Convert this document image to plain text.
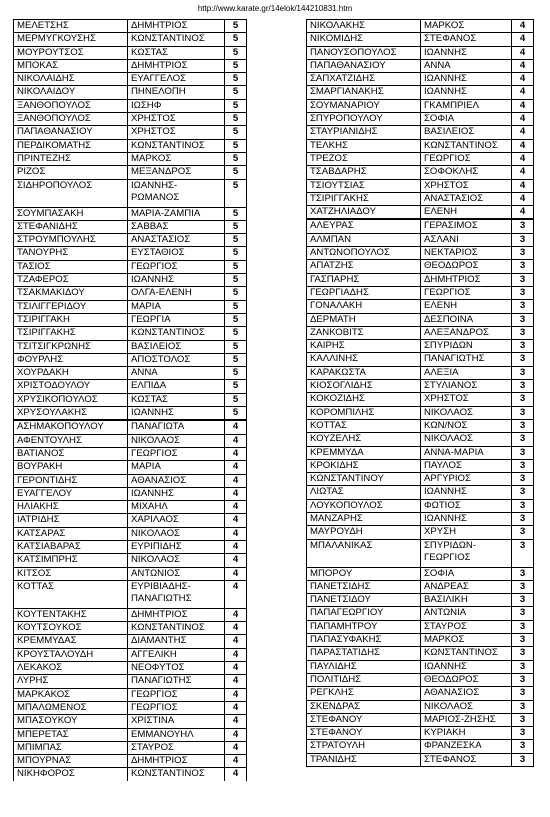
http://www.karate.gr/14elok/144210831.htm
ΜΕΛΕΤΣΗΣ	ΔΗΜΗΤΡΙΟΣ	5
ΜΕΡΜΥΓΚΟΥΣΗΣ	ΚΩΝΣΤΑΝΤΙΝΟΣ	5
ΜΟΥΡΟΥΤΣΟΣ	ΚΩΣΤΑΣ	5
ΜΠΟΚΑΣ	ΔΗΜΗΤΡΙΟΣ	5
ΝΙΚΟΛΑΙΔΗΣ	ΕΥΑΓΓΕΛΟΣ	5
ΝΙΚΟΛΑΙΔΟΥ	ΠΗΝΕΛΟΠΗ	5
ΞΑΝΘΟΠΟΥΛΟΣ	ΙΩΣΗΦ	5
ΞΑΝΘΟΠΟΥΛΟΣ	ΧΡΗΣΤΟΣ	5
ΠΑΠΑΘΑΝΑΣΙΟΥ	ΧΡΗΣΤΟΣ	5
ΠΕΡΔΙΚΟΜΑΤΗΣ	ΚΩΝΣΤΑΝΤΙΝΟΣ	5
ΠΡΙΝΤΕΖΗΣ	ΜΑΡΚΟΣ	5
ΡΙΖΟΣ	ΜΕΞΑΝΔΡΟΣ	5
ΣΙΔΗΡΟΠΟΥΛΟΣ	ΙΩΑΝΝΗΣ-ΡΩΜΑΝΟΣ	5
ΣΟΥΜΠΑΣΑΚΗ	ΜΑΡΙΑ-ΖΑΜΠΙΑ	5
ΣΤΕΦΑΝΙΔΗΣ	ΣΑΒΒΑΣ	5
ΣΤΡΟΥΜΠΟΥΛΗΣ	ΑΝΑΣΤΑΣΙΟΣ	5
ΤΑΝΟΥΡΗΣ	ΕΥΣΤΑΘΙΟΣ	5
ΤΑΣΙΟΣ	ΓΕΩΡΓΙΟΣ	5
ΤΖΑΦΕΡΟΣ	ΙΩΑΝΝΗΣ	5
ΤΣΑΚΜΑΚΙΔΟΥ	ΟΛΓΑ-ΕΛΕΝΗ	5
ΤΣΙΛΙΓΓΕΡΙΔΟΥ	ΜΑΡΙΑ	5
ΤΣΙΡΙΓΓΑΚΗ	ΓΕΩΡΓΙΑ	5
ΤΣΙΡΙΓΓΑΚΗΣ	ΚΩΝΣΤΑΝΤΙΝΟΣ	5
ΤΣΙΤΣΙΓΚΡΩΝΗΣ	ΒΑΣΙΛΕΙΟΣ	5
ΦΟΥΡΛΗΣ	ΑΠΟΣΤΟΛΟΣ	5
ΧΟΥΡΔΑΚΗ	ΑΝΝΑ	5
ΧΡΙΣΤΟΔΟΥΛΟΥ	ΕΛΠΙΔΑ	5
ΧΡΥΣΙΚΟΠΟΥΛΟΣ	ΚΩΣΤΑΣ	5
ΧΡΥΣΟΥΛΑΚΗΣ	ΙΩΑΝΝΗΣ	5
ΑΣΗΜΑΚΟΠΟΥΛΟΥ	ΠΑΝΑΓΙΩΤΑ	4
ΑΦΕΝΤΟΥΛΗΣ	ΝΙΚΟΛΑΟΣ	4
ΒΑΤΙΑΝΟΣ	ΓΕΩΡΓΙΟΣ	4
ΒΟΥΡΑΚΗ	ΜΑΡΙΑ	4
ΓΕΡΟΝΤΙΔΗΣ	ΑΘΑΝΑΣΙΟΣ	4
ΕΥΑΓΓΕΛΟΥ	ΙΩΑΝΝΗΣ	4
ΗΛΙΑΚΗΣ	ΜΙΧΑΗΛ	4
ΙΑΤΡΙΔΗΣ	ΧΑΡΙΛΑΟΣ	4
ΚΑΤΣΑΡΑΣ	ΝΙΚΟΛΑΟΣ	4
ΚΑΤΣΙΑΒΑΡΑΣ	ΕΥΡΙΠΙΔΗΣ	4
ΚΑΤΣΙΜΠΡΗΣ	ΝΙΚΟΛΑΟΣ	4
ΚΙΤΣΟΣ	ΑΝΤΩΝΙΟΣ	4
ΚΟΤΤΑΣ	ΕΥΡΙΒΙΑΔΗΣ-ΠΑΝΑΓΙΩΤΗΣ	4
ΚΟΥΤΕΝΤΑΚΗΣ	ΔΗΜΗΤΡΙΟΣ	4
ΚΟΥΤΣΟΥΚΟΣ	ΚΩΝΣΤΑΝΤΙΝΟΣ	4
ΚΡΕΜΜΥΔΑΣ	ΔΙΑΜΑΝΤΗΣ	4
ΚΡΟΥΣΤΑΛΟΥΔΗ	ΑΓΓΕΛΙΚΗ	4
ΛΕΚΑΚΟΣ	ΝΕΟΦΥΤΟΣ	4
ΛΥΡΗΣ	ΠΑΝΑΓΙΩΤΗΣ	4
ΜΑΡΚΑΚΟΣ	ΓΕΩΡΓΙΟΣ	4
ΜΠΑΛΩΜΕΝΟΣ	ΓΕΩΡΓΙΟΣ	4
ΜΠΑΣΟΥΚΟΥ	ΧΡΙΣΤΙΝΑ	4
ΜΠΕΡΕΤΑΣ	ΕΜΜΑΝΟΥΗΛ	4
ΜΠΙΜΠΑΣ	ΣΤΑΥΡΟΣ	4
ΜΠΟΥΡΝΑΣ	ΔΗΜΗΤΡΙΟΣ	4
ΝΙΚΗΦΟΡΟΣ	ΚΩΝΣΤΑΝΤΙΝΟΣ	4
ΝΙΚΟΛΑΚΗΣ	ΜΑΡΚΟΣ	4
ΝΙΚΟΜΙΔΗΣ	ΣΤΕΦΑΝΟΣ	4
ΠΑΝΟΥΣΟΠΟΥΛΟΣ	ΙΩΑΝΝΗΣ	4
ΠΑΠΑΘΑΝΑΣΙΟΥ	ΑΝΝΑ	4
ΣΑΠΧΑΤΖΙΔΗΣ	ΙΩΑΝΝΗΣ	4
ΣΜΑΡΓΙΑΝΑΚΗΣ	ΙΩΑΝΝΗΣ	4
ΣΟΥΜΑΝΑΡΙΟΥ	ΓΚΑΜΠΡΙΕΛ	4
ΣΠΥΡΟΠΟΥΛΟΥ	ΣΟΦΙΑ	4
ΣΤΑΥΡΙΑΝΙΔΗΣ	ΒΑΣΙΛΕΙΟΣ	4
ΤΕΛΚΗΣ	ΚΩΝΣΤΑΝΤΙΝΟΣ	4
ΤΡΕΖΟΣ	ΓΕΩΡΓΙΟΣ	4
ΤΣΑΒΔΑΡΗΣ	ΣΟΦΟΚΛΗΣ	4
ΤΣΙΟΥΤΣΙΑΣ	ΧΡΗΣΤΟΣ	4
ΤΣΙΡΙΓΓΑΚΗΣ	ΑΝΑΣΤΑΣΙΟΣ	4
ΧΑΤΖΗΛΙΑΔΟΥ	ΕΛΕΝΗ	4
ΑΛΕΥΡΑΣ	ΓΕΡΑΣΙΜΟΣ	3
ΑΛΜΠΑΝ	ΑΣΛΑΝΙ	3
ΑΝΤΩΝΟΠΟΥΛΟΣ	ΝΕΚΤΑΡΙΟΣ	3
ΑΠΑΤΖΗΣ	ΘΕΟΔΩΡΟΣ	3
ΓΑΣΠΑΡΗΣ	ΔΗΜΗΤΡΙΟΣ	3
ΓΕΩΡΓΙΑΔΗΣ	ΓΕΩΡΓΙΟΣ	3
ΓΟΝΑΛΑΚΗ	ΕΛΕΝΗ	3
ΔΕΡΜΑΤΗ	ΔΕΣΠΟΙΝΑ	3
ΖΑΝΚΟΒΙΤΣ	ΑΛΕΞΑΝΔΡΟΣ	3
ΚΑΙΡΗΣ	ΣΠΥΡΙΔΩΝ	3
ΚΑΛΛΙΝΗΣ	ΠΑΝΑΓΙΩΤΗΣ	3
ΚΑΡΑΚΩΣΤΑ	ΑΛΕΞΙΑ	3
ΚΙΟΣΟΓΛΙΔΗΣ	ΣΤΥΛΙΑΝΟΣ	3
ΚΟΚΟΖΙΔΗΣ	ΧΡΗΣΤΟΣ	3
ΚΟΡΟΜΠΙΛΗΣ	ΝΙΚΟΛΑΟΣ	3
ΚΟΤΤΑΣ	ΚΩΝ/ΝΟΣ	3
ΚΟΥΖΕΛΗΣ	ΝΙΚΟΛΑΟΣ	3
ΚΡΕΜΜΥΔΑ	ΑΝΝΑ-ΜΑΡΙΑ	3
ΚΡΟΚΙΔΗΣ	ΠΑΥΛΟΣ	3
ΚΩΝΣΤΑΝΤΙΝΟΥ	ΑΡΓΥΡΙΟΣ	3
ΛΙΩΤΑΣ	ΙΩΑΝΝΗΣ	3
ΛΟΥΚΟΠΟΥΛΟΣ	ΦΩΤΙΟΣ	3
ΜΑΝΖΑΡΗΣ	ΙΩΑΝΝΗΣ	3
ΜΑΥΡΟΥΔΗ	ΧΡΥΣΗ	3
ΜΠΑΛΑΝΙΚΑΣ	ΣΠΥΡΙΔΩΝ-ΓΕΩΡΓΙΟΣ	3
ΜΠΟΡΟΥ	ΣΟΦΙΑ	3
ΠΑΝΕΤΣΙΔΗΣ	ΑΝΔΡΕΑΣ	3
ΠΑΝΕΤΣΙΔΟΥ	ΒΑΣΙΛΙΚΗ	3
ΠΑΠΑΓΕΩΡΓΙΟΥ	ΑΝΤΩΝΙΑ	3
ΠΑΠΑΜΗΤΡΟΥ	ΣΤΑΥΡΟΣ	3
ΠΑΠΑΣΥΦΑΚΗΣ	ΜΑΡΚΟΣ	3
ΠΑΡΑΣΤΑΤΙΔΗΣ	ΚΩΝΣΤΑΝΤΙΝΟΣ	3
ΠΑΥΛΙΔΗΣ	ΙΩΑΝΝΗΣ	3
ΠΟΛΙΤΙΔΗΣ	ΘΕΟΔΩΡΟΣ	3
ΡΕΓΚΛΗΣ	ΑΘΑΝΑΣΙΟΣ	3
ΣΚΕΝΔΡΑΣ	ΝΙΚΟΛΑΟΣ	3
ΣΤΕΦΑΝΟΥ	ΜΑΡΙΟΣ-ΖΗΣΗΣ	3
ΣΤΕΦΑΝΟΥ	ΚΥΡΙΑΚΗ	3
ΣΤΡΑΤΟΥΛΗ	ΦΡΑΝΖΕΣΚΑ	3
ΤΡΑΝΙΔΗΣ	ΣΤΕΦΑΝΟΣ	3
